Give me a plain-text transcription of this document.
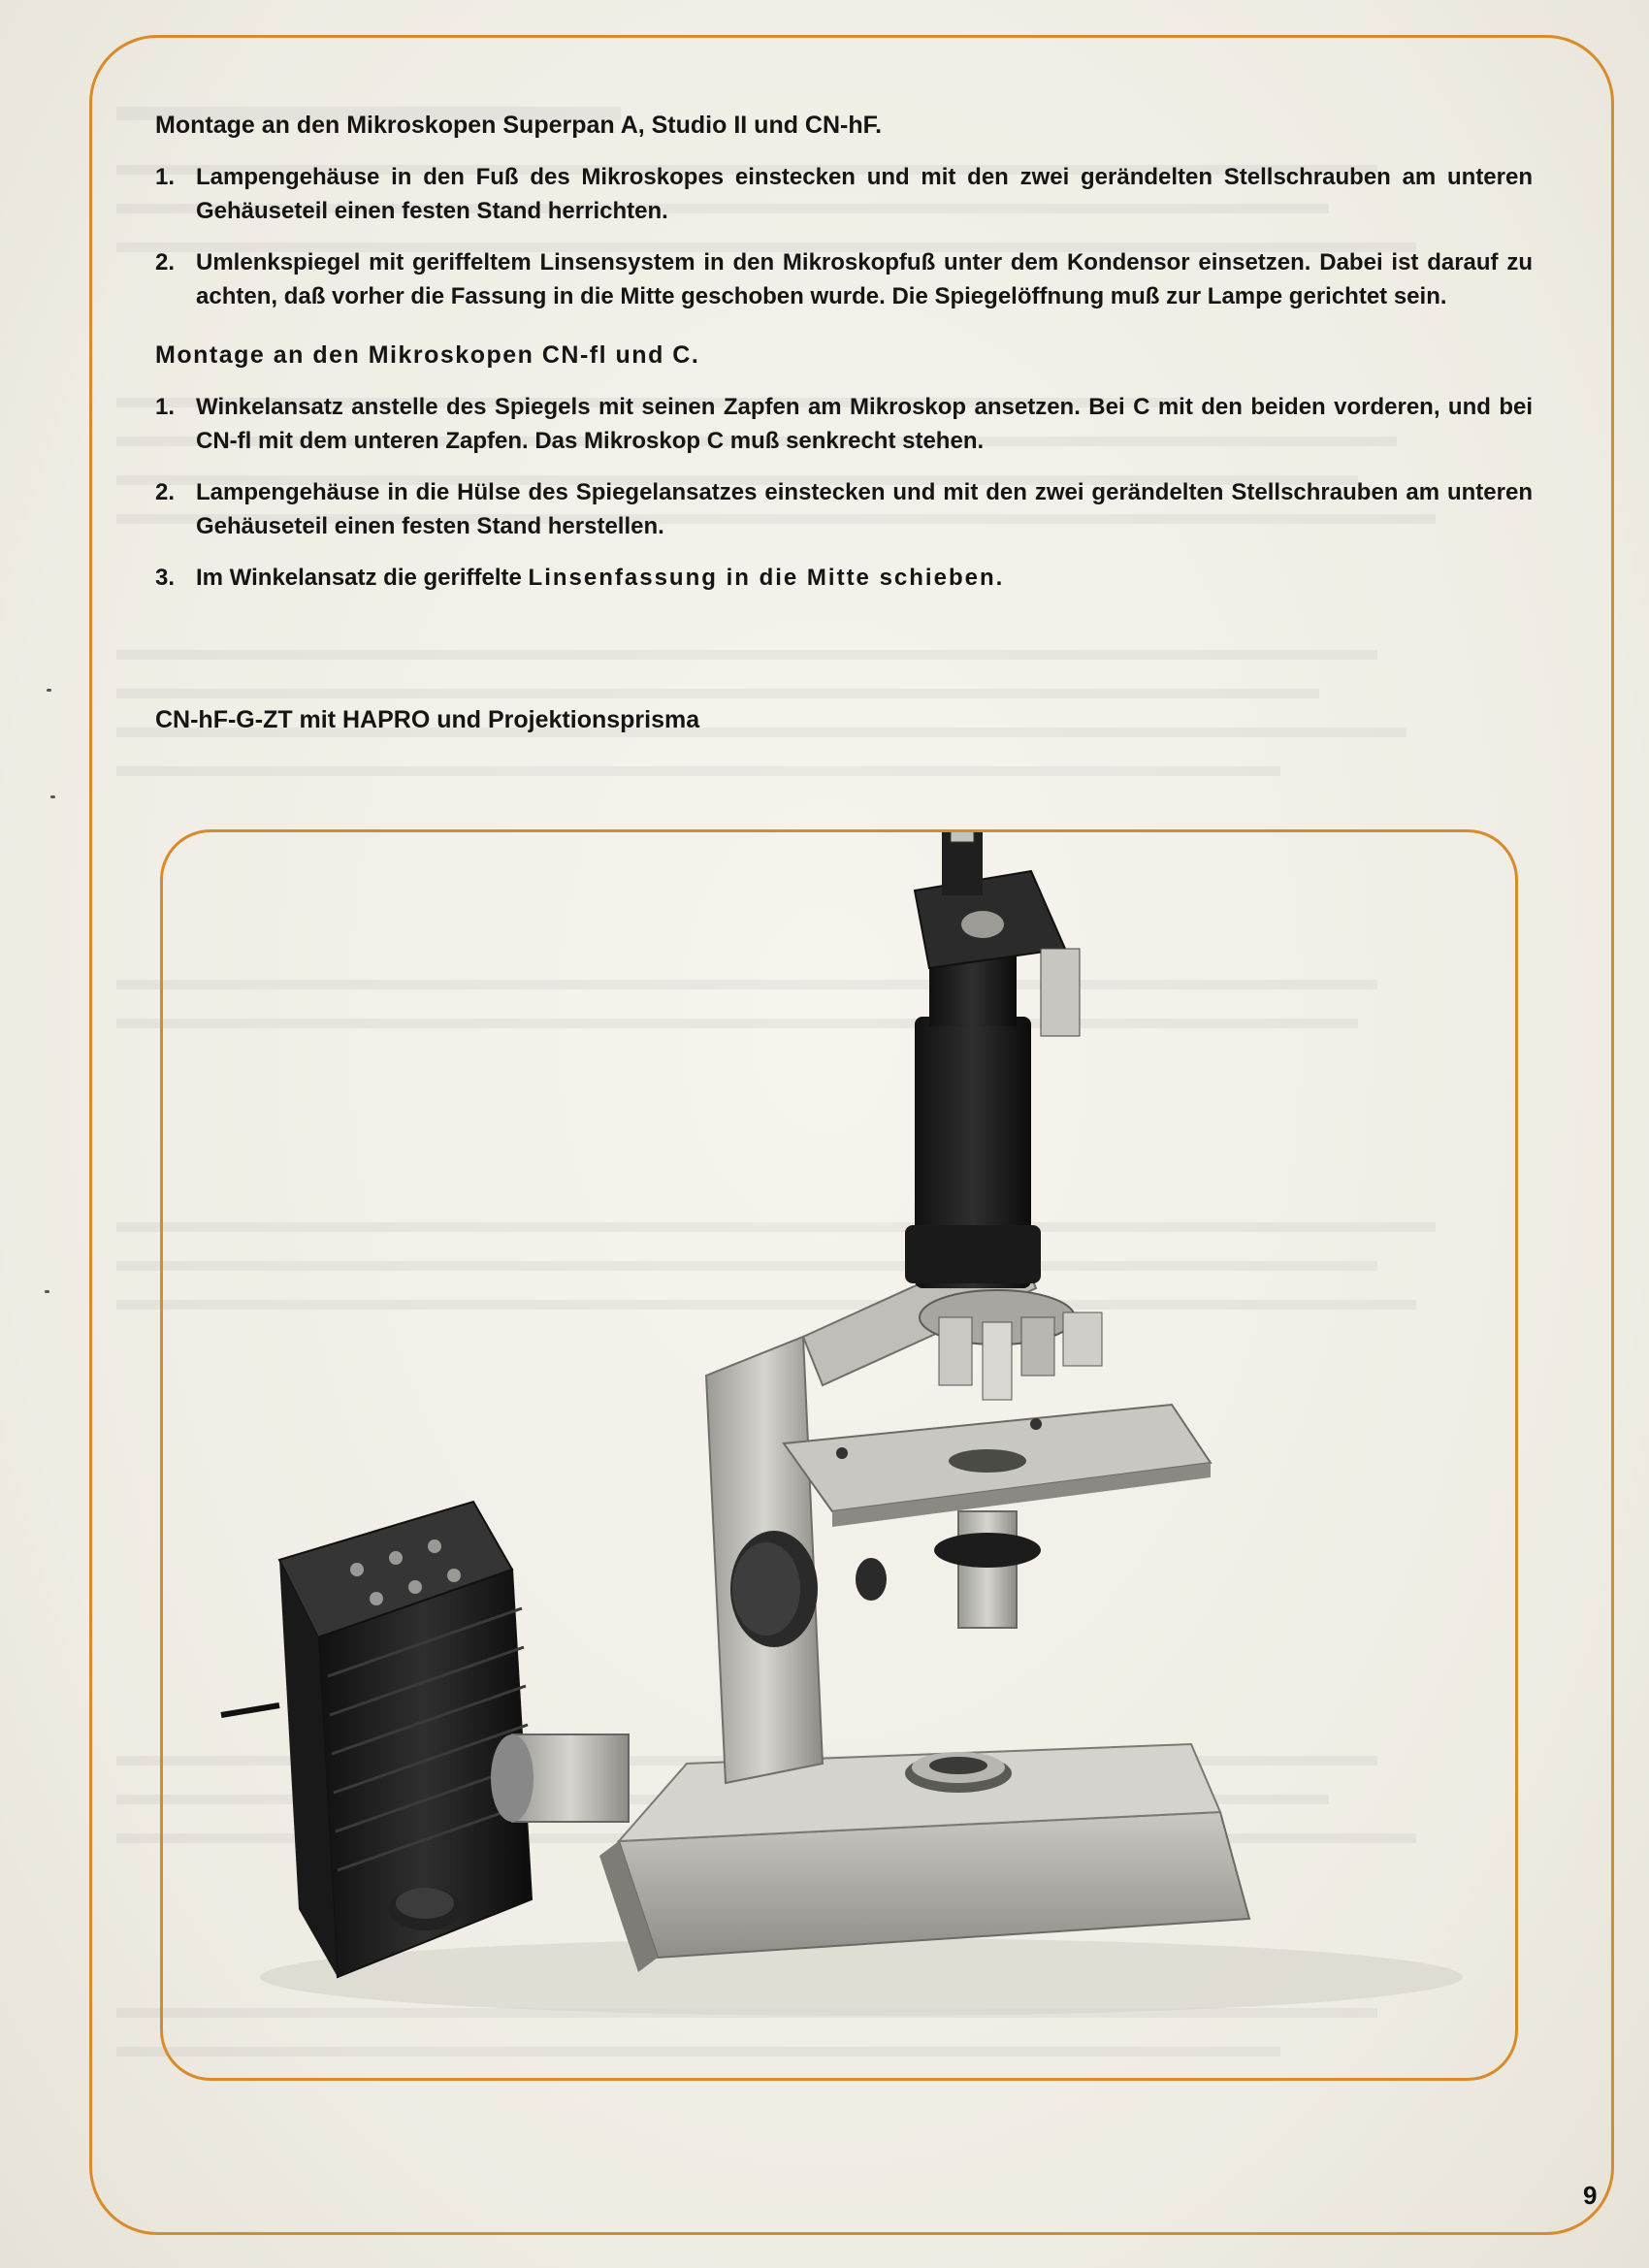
Montage an den Mikroskopen Superpan A, Studio II und CN-hF.
1. Lampengehäuse in den Fuß des Mikroskopes einstecken und mit den zwei gerändelten Stellschrauben am unteren Gehäuseteil einen festen Stand herrichten.
2. Umlenkspiegel mit geriffeltem Linsensystem in den Mikroskopfuß unter dem Kondensor einsetzen. Dabei ist darauf zu achten, daß vorher die Fassung in die Mitte geschoben wurde. Die Spiegelöffnung muß zur Lampe gerichtet sein.
Montage an den Mikroskopen CN-fl und C.
1. Winkelansatz anstelle des Spiegels mit seinen Zapfen am Mikroskop ansetzen. Bei C mit den beiden vorderen, und bei CN-fl mit dem unteren Zapfen. Das Mikroskop C muß senkrecht stehen.
2. Lampengehäuse in die Hülse des Spiegelansatzes einstecken und mit den zwei gerändelten Stellschrauben am unteren Gehäuseteil einen festen Stand herstellen.
3. Im Winkelansatz die geriffelte Linsenfassung in die Mitte schieben.
CN-hF-G-ZT mit HAPRO und Projektionsprisma
9
